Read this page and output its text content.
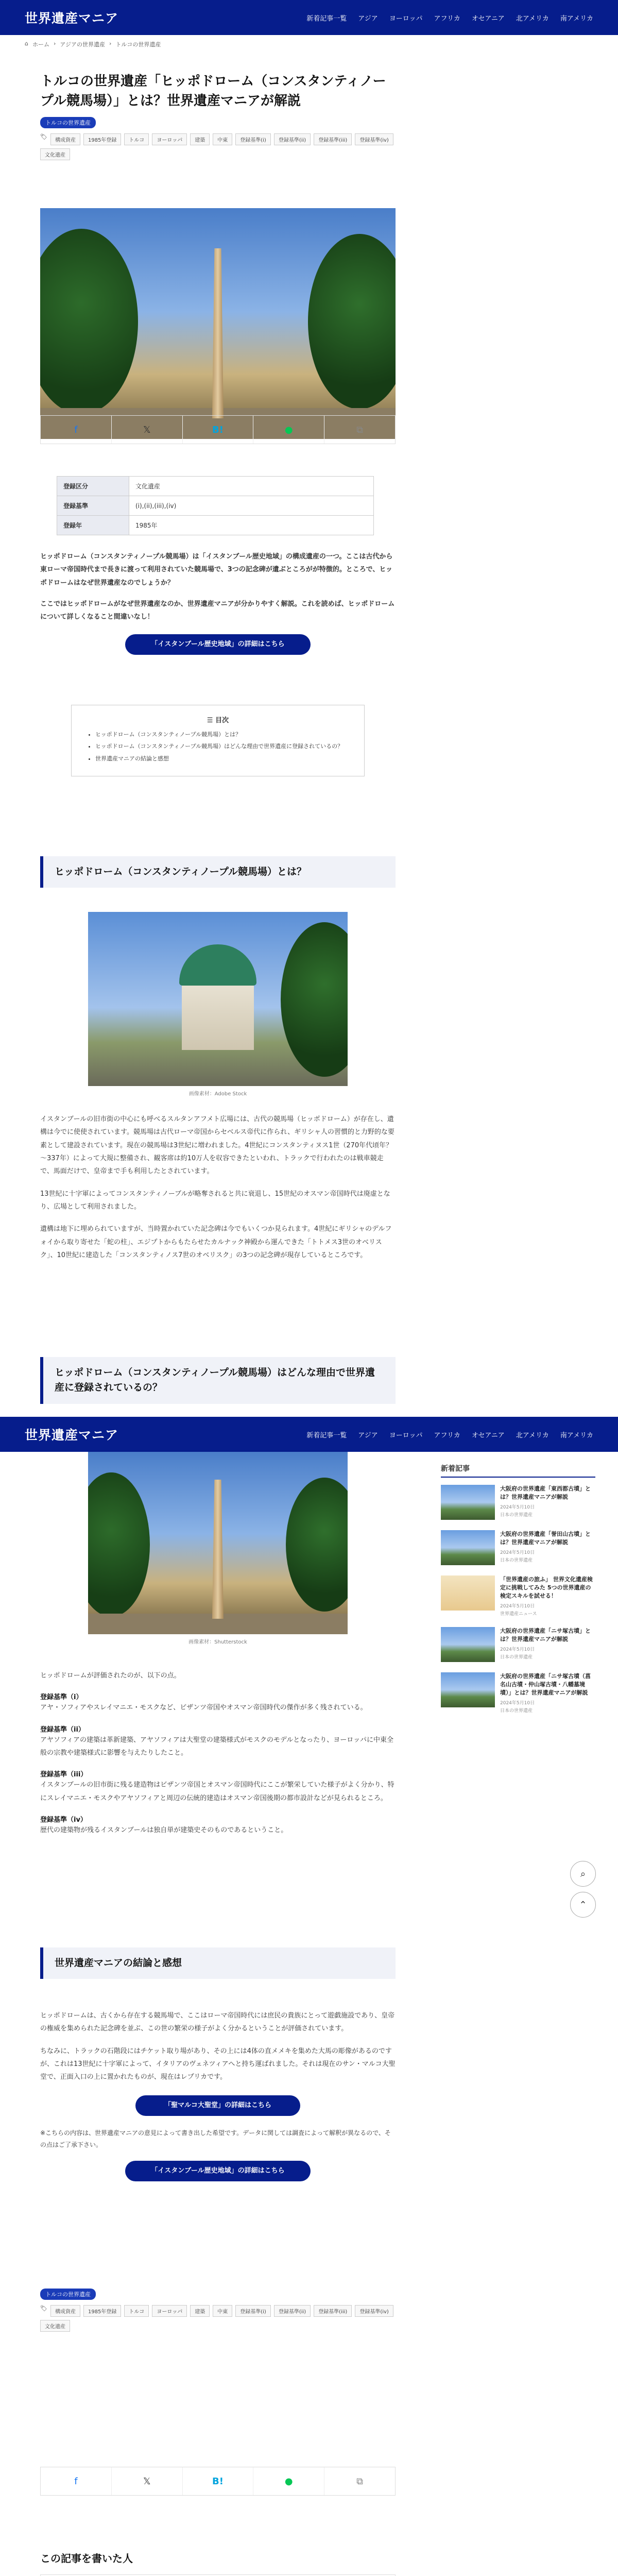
世界遺産マニア	新着記事一覧 アジア ヨーロッパ アフリカ オセアニア 北アメリカ 南アメリカ
⌂ ホーム › アジアの世界遺産 › トルコの世界遺産
トルコの世界遺産「ヒッポドローム（コンスタンティノープル競馬場）」とは？世界遺産マニアが解説
トルコの世界遺産
🏷
構成資産	1985年登録	トルコ	ヨーロッパ	建築	中東	登録基準(i)	登録基準(ii)	登録基準(iii)	登録基準(iv)
文化遺産
f	𝕏	B!	●	⧉
登録区分	文化遺産
登録基準	(i),(ii),(iii),(iv)
登録年	1985年

ヒッポドローム（コンスタンティノープル競馬場）は「イスタンブール歴史地域」の構成遺産の一つ。ここは古代から東ローマ帝国時代まで長きに渡って利用されていた競馬場で、3つの記念碑が遺ぶところがが特徴的。ところで、ヒッポドロームはなぜ世界遺産なのでしょうか？

ここではヒッポドロームがなぜ世界遺産なのか、世界遺産マニアが分かりやすく解説。これを読めば、ヒッポドロームについて詳しくなること間違いなし！

「イスタンブール歴史地域」の詳細はこちら
☰ 目次
• ヒッポドローム（コンスタンティノープル競馬場）とは？
• ヒッポドローム（コンスタンティノープル競馬場）はどんな理由で世界遺産に登録されているの？
• 世界遺産マニアの結論と感想
ヒッポドローム（コンスタンティノープル競馬場）とは？
画像素材：Adobe Stock

イスタンブールの旧市街の中心にも呼べるスルタンアフメト広場には、古代の競馬場（ヒッポドローム）が存在し、遺構は今でに使使されています。競馬場は古代ローマ帝国からセベルス帝代に作られ、ギリシャ人の習慣的と力野的な要素として建設されています。現在の競馬場は3世紀に増われました。4世紀にコンスタンティヌス1世（270年代頃年？～337年）によって大規に整備され、観客席は約10万人を収容できたといわれ、トラックで行われたのは戦車競走で、馬面だけで、皇帝まで手も利用したとされています。

13世紀に十字軍によってコンスタンティノーブルが略奪されると共に衰退し、15世紀のオスマン帝国時代は廃虚となり、広場として利用されました。

遺構は地下に埋められていますが、当時置かれていた記念碑は今でもいくつか見られます。4世紀にギリシャのデルフォイから取り寄せた「蛇の柱」、エジプトからもたらせたカルナック神殿から運んできた「トトメス3世のオベリスク」、10世紀に建造した「コンスタンティノス7世のオベリスク」の3つの記念碑が現存しているところです。

ヒッポドローム（コンスタンティノープル競馬場）はどんな理由で世界遺産に登録されているの？
世界遺産マニア	新着記事一覧 アジア ヨーロッパ アフリカ オセアニア 北アメリカ 南アメリカ
画像素材：Shutterstock

ヒッポドロームが評価されたのが、以下の点。

登録基準（i）

アヤ・ソフィアやスレイマニエ・モスクなど、ビザンツ帝国やオスマン帝国時代の傑作が多く残されている。

登録基準（ii）

アヤソフィアの建築は革新建築、アヤソフィアは大聖堂の建築様式がモスクのモデルとなったり、ヨーロッパに中東全般の宗教や建築様式に影響を与えたりしたこと。

登録基準（iii）

イスタンブールの旧市街に残る建造物はビザンツ帝国とオスマン帝国時代にここが繁栄していた様子がよく分かり、特にスレイマニエ・モスクやアヤソフィアと周辺の伝統的建造はオスマン帝国後期の都市設計などが見られるところ。

登録基準（iv）

歴代の建築物が残るイスタンブールは独自単が建築史そのものであるということ。

世界遺産マニアの結論と感想

ヒッポドロームは、古くから存在する競馬場で、ここはローマ帝国時代には庶民の貴族にとって遊戯施設であり、皇帝の権威を集められた記念碑を並ぶ、この世の繁栄の様子がよく分かるということが評価されています。

ちなみに、トラックの石階段にはチケット取り場があり、その上には4体の直メメキを集めた大馬の彫像があるのですが、これは13世紀に十字軍によって、イタリアのヴェネツィアへと持ち運ばれました。それは現在のサン・マルコ大聖堂で、正面入口の上に置かれたものが、現在はレプリカです。

「聖マルコ大聖堂」の詳細はこちら

※こちらの内容は、世界遺産マニアの意見によって書き出した希望です。データに関しては調査によって解釈が異なるので、その点はご了承下さい。

「イスタンブール歴史地域」の詳細はこちら
トルコの世界遺産
🏷
構成資産	1985年登録	トルコ	ヨーロッパ	建築	中東	登録基準(i)	登録基準(ii)	登録基準(iii)	登録基準(iv)
文化遺産
f	𝕏	B!	●	⧉
この記事を書いた人

新着記事
大阪府の世界遺産「東西都古墳」とは？世界遺産マニアが解説
2024年5月10日
日本の世界遺産
大阪府の世界遺産「誉田山古墳」とは？世界遺産マニアが解説
2024年5月10日
日本の世界遺産
「世界遺産の旅ふ」 世界文化遺産検定に挑戦してみた 5つの世界遺産の検定スキルを試せる！
2024年5月10日
世界遺産ニュース
大阪府の世界遺産「ニサ塚古墳」とは？世界遺産マニアが解説
2024年5月10日
日本の世界遺産
大阪府の世界遺産「ニサ塚古墳（菖名山古墳・仲山塚古墳・八幡墓境墳）」とは？世界遺産マニアが解説
2024年5月10日
日本の世界遺産
⌕
⌃
